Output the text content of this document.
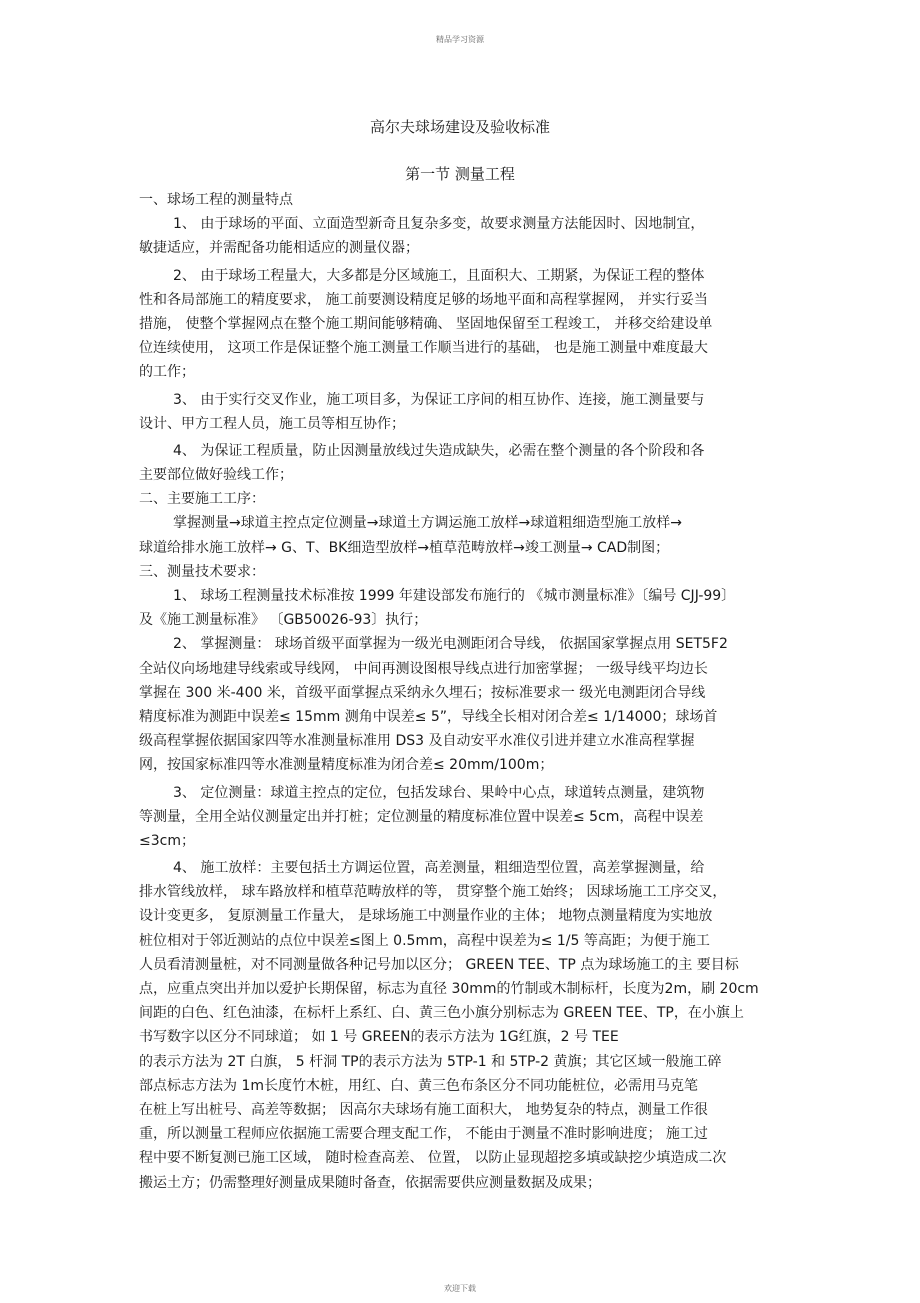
精品学习资源
高尔夫球场建设及验收标准
第一节 测量工程
一、球场工程的测量特点
1、 由于球场的平面、立面造型新奇且复杂多变，故要求测量方法能因时、因地制宜，
敏捷适应，并需配备功能相适应的测量仪器；
2、 由于球场工程量大，大多都是分区域施工，且面积大、工期紧，为保证工程的整体
性和各局部施工的精度要求， 施工前要测设精度足够的场地平面和高程掌握网， 并实行妥当
措施， 使整个掌握网点在整个施工期间能够精确、 坚固地保留至工程竣工， 并移交给建设单
位连续使用， 这项工作是保证整个施工测量工作顺当进行的基础， 也是施工测量中难度最大
的工作；
3、 由于实行交叉作业，施工项目多，为保证工序间的相互协作、连接，施工测量要与
设计、甲方工程人员，施工员等相互协作；
4、 为保证工程质量，防止因测量放线过失造成缺失，必需在整个测量的各个阶段和各
主要部位做好验线工作；
二、主要施工工序：
掌握测量→球道主控点定位测量→球道土方调运施工放样→球道粗细造型施工放样→
球道给排水施工放样→ G、T、BK细造型放样→植草范畴放样→竣工测量→ CAD制图；
三、测量技术要求：
1、 球场工程测量技术标准按 1999 年建设部发布施行的 《城市测量标准》〔编号 CJJ-99〕
及《施工测量标准》 〔GB50026-93〕执行；
2、 掌握测量： 球场首级平面掌握为一级光电测距闭合导线， 依据国家掌握点用 SET5F2
全站仪向场地建导线索或导线网， 中间再测设图根导线点进行加密掌握； 一级导线平均边长
掌握在 300 米-400 米，首级平面掌握点采纳永久埋石；按标准要求一 级光电测距闭合导线
精度标准为测距中误差≤ 15mm 测角中误差≤ 5”，导线全长相对闭合差≤ 1/14000；球场首
级高程掌握依据国家四等水准测量标准用 DS3 及自动安平水准仪引进并建立水准高程掌握
网，按国家标准四等水准测量精度标准为闭合差≤ 20mm/100m；
3、 定位测量：球道主控点的定位，包括发球台、果岭中心点，球道转点测量，建筑物
等测量，全用全站仪测量定出并打桩；定位测量的精度标准位置中误差≤ 5cm，高程中误差
≤3cm；
4、 施工放样：主要包括土方调运位置，高差测量，粗细造型位置，高差掌握测量，给
排水管线放样， 球车路放样和植草范畴放样的等， 贯穿整个施工始终； 因球场施工工序交叉，
设计变更多， 复原测量工作量大， 是球场施工中测量作业的主体； 地物点测量精度为实地放
桩位相对于邻近测站的点位中误差≤图上 0.5mm，高程中误差为≤ 1/5 等高距；为便于施工
人员看清测量桩，对不同测量做各种记号加以区分； GREEN TEE、TP 点为球场施工的主 要目标
点，应重点突出并加以爱护长期保留，标志为直径 30mm的竹制或木制标杆，长度为2m，刷 20cm
间距的白色、红色油漆，在标杆上系红、白、黄三色小旗分别标志为 GREEN TEE、TP，在小旗上
书写数字以区分不同球道； 如 1 号 GREEN的表示方法为 1G红旗，2 号 TEE
的表示方法为 2T 白旗， 5 杆洞 TP的表示方法为 5TP-1 和 5TP-2 黄旗；其它区域一般施工碎
部点标志方法为 1m长度竹木桩，用红、白、黄三色布条区分不同功能桩位，必需用马克笔
在桩上写出桩号、高差等数据； 因高尔夫球场有施工面积大， 地势复杂的特点，测量工作很
重，所以测量工程师应依据施工需要合理支配工作， 不能由于测量不准时影响进度； 施工过
程中要不断复测已施工区域， 随时检查高差、 位置， 以防止显现超挖多填或缺挖少填造成二次
搬运土方；仍需整理好测量成果随时备查，依据需要供应测量数据及成果；
欢迎下载
